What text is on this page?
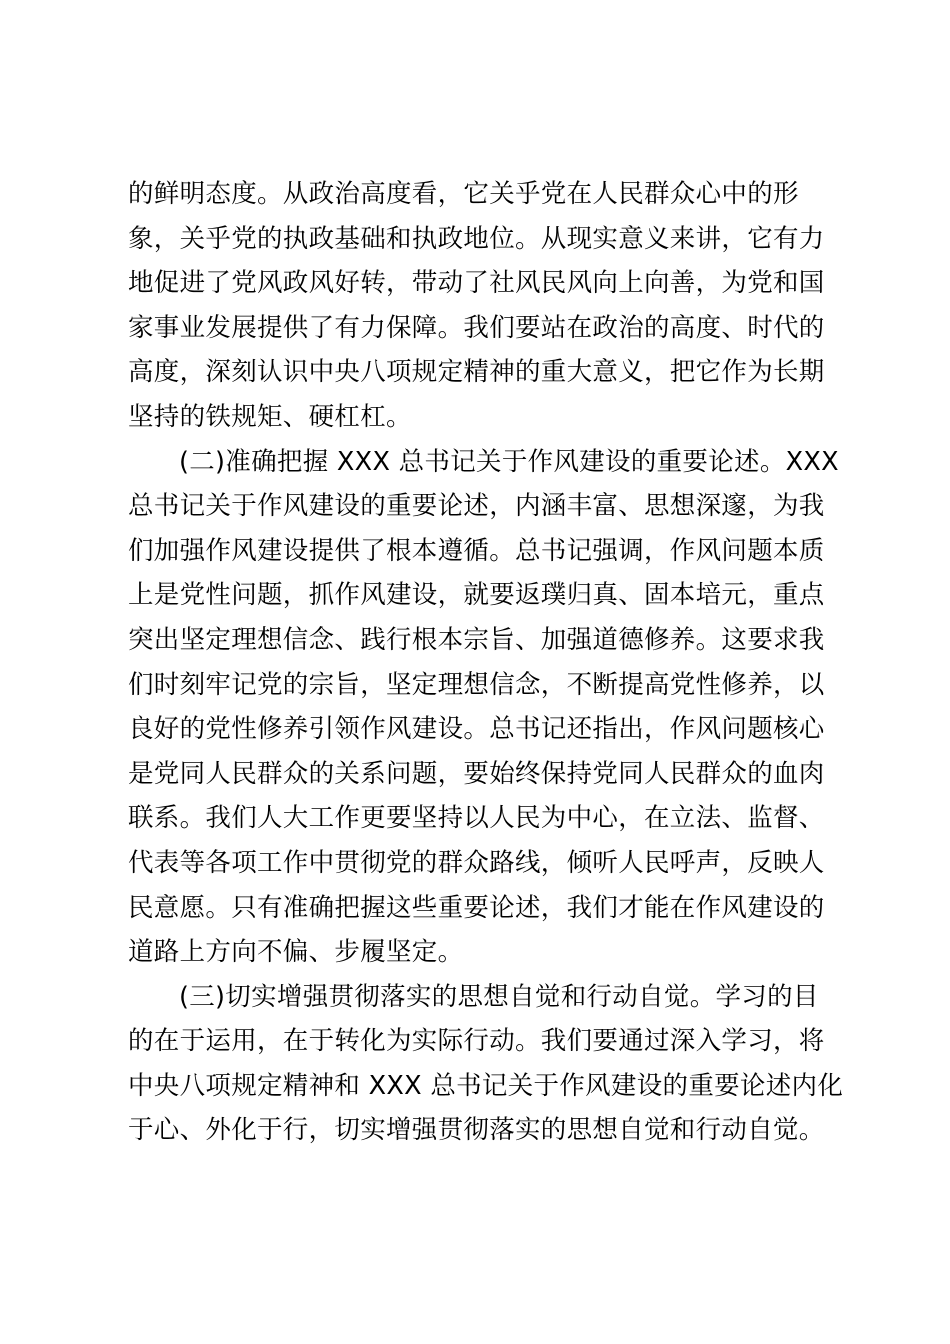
的鲜明态度。从政治高度看，它关乎党在人民群众心中的形
象，关乎党的执政基础和执政地位。从现实意义来讲，它有力
地促进了党风政风好转，带动了社风民风向上向善，为党和国
家事业发展提供了有力保障。我们要站在政治的高度、时代的
高度，深刻认识中央八项规定精神的重大意义，把它作为长期
坚持的铁规矩、硬杠杠。
(二)准确把握 XXX 总书记关于作风建设的重要论述。XXX
总书记关于作风建设的重要论述，内涵丰富、思想深邃，为我
们加强作风建设提供了根本遵循。总书记强调，作风问题本质
上是党性问题，抓作风建设，就要返璞归真、固本培元，重点
突出坚定理想信念、践行根本宗旨、加强道德修养。这要求我
们时刻牢记党的宗旨，坚定理想信念，不断提高党性修养，以
良好的党性修养引领作风建设。总书记还指出，作风问题核心
是党同人民群众的关系问题，要始终保持党同人民群众的血肉
联系。我们人大工作更要坚持以人民为中心，在立法、监督、
代表等各项工作中贯彻党的群众路线，倾听人民呼声，反映人
民意愿。只有准确把握这些重要论述，我们才能在作风建设的
道路上方向不偏、步履坚定。
(三)切实增强贯彻落实的思想自觉和行动自觉。学习的目
的在于运用，在于转化为实际行动。我们要通过深入学习，将
中央八项规定精神和 XXX 总书记关于作风建设的重要论述内化
于心、外化于行，切实增强贯彻落实的思想自觉和行动自觉。
